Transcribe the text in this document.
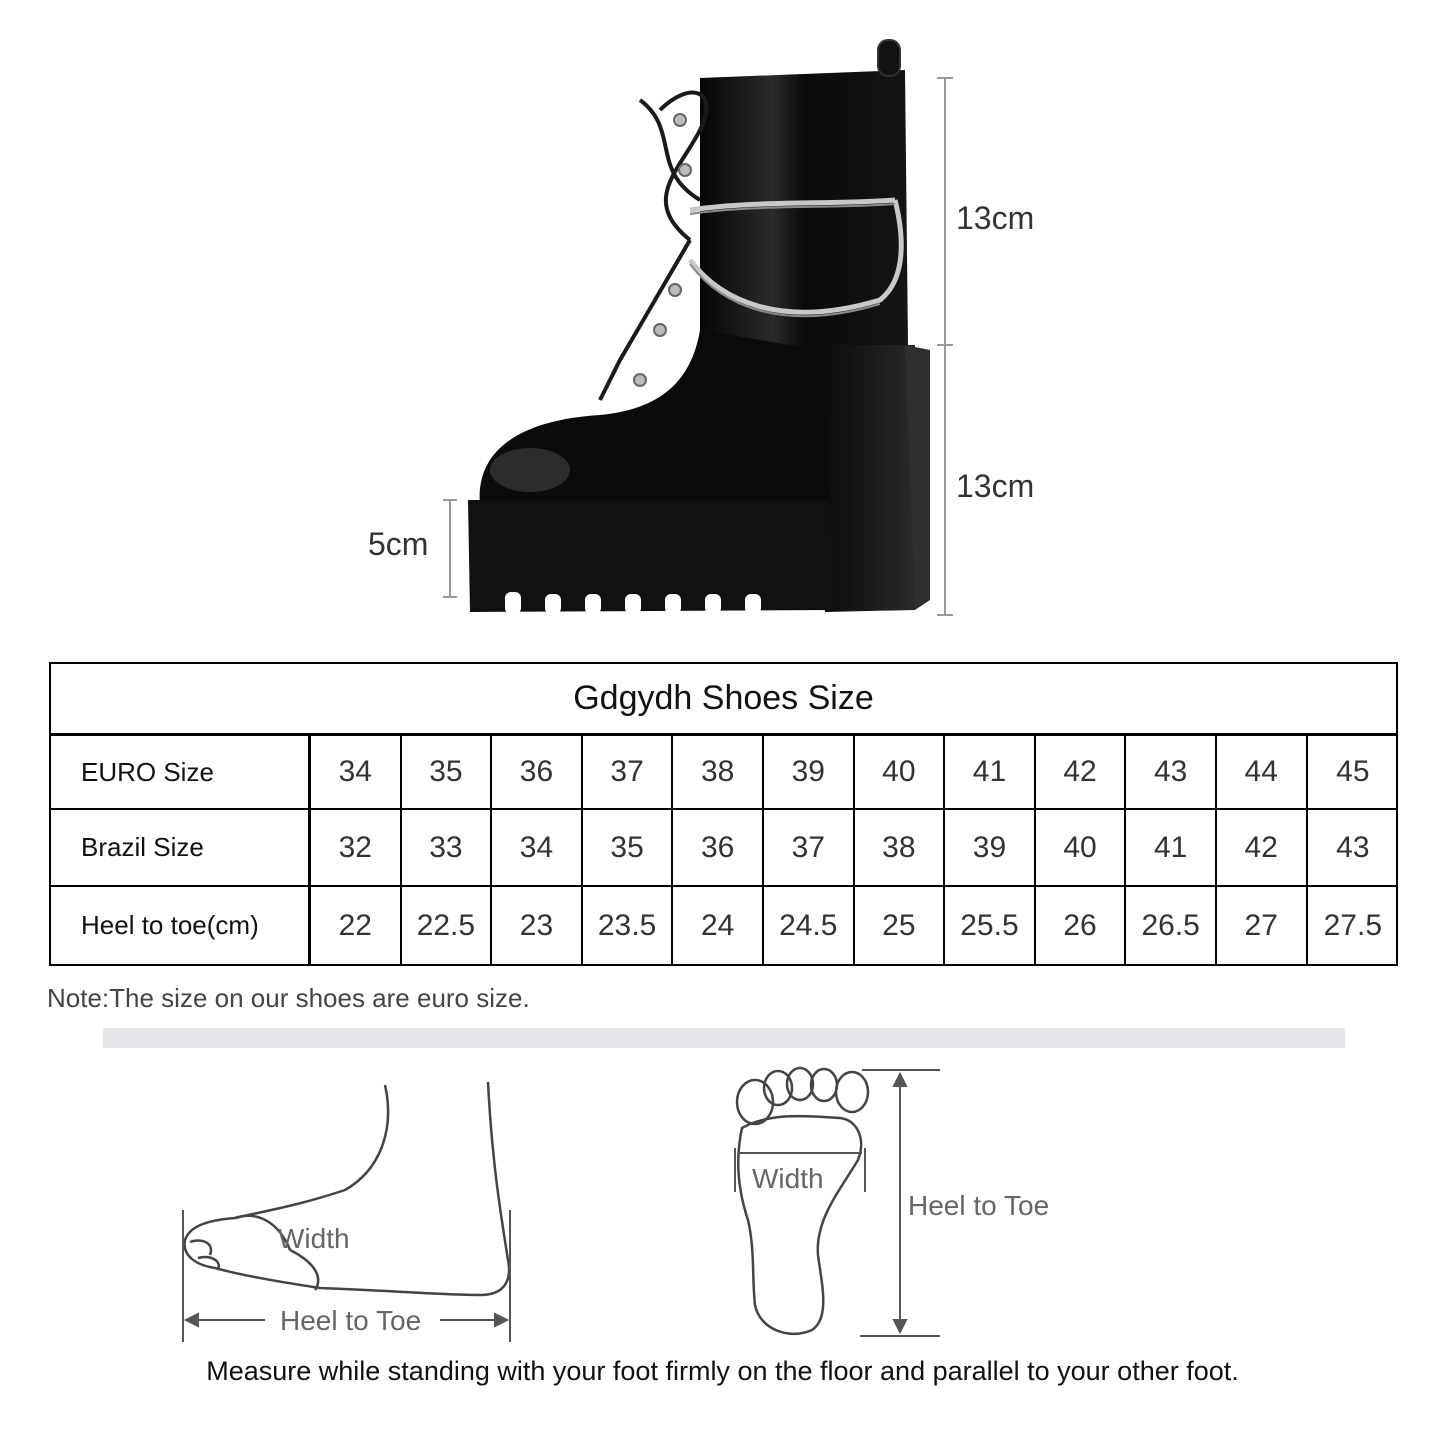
13cm
13cm
5cm
Gdgydh Shoes Size
EURO Size	34	35	36	37	38	39	40	41	42	43	44	45
Brazil Size	32	33	34	35	36	37	38	39	40	41	42	43
Heel to toe(cm)	22	22.5	23	23.5	24	24.5	25	25.5	26	26.5	27	27.5
Note:The size on our shoes are euro size.
Width
Heel to Toe
Width
Heel to Toe
Measure while standing with your foot firmly on the floor and parallel to your other foot.
